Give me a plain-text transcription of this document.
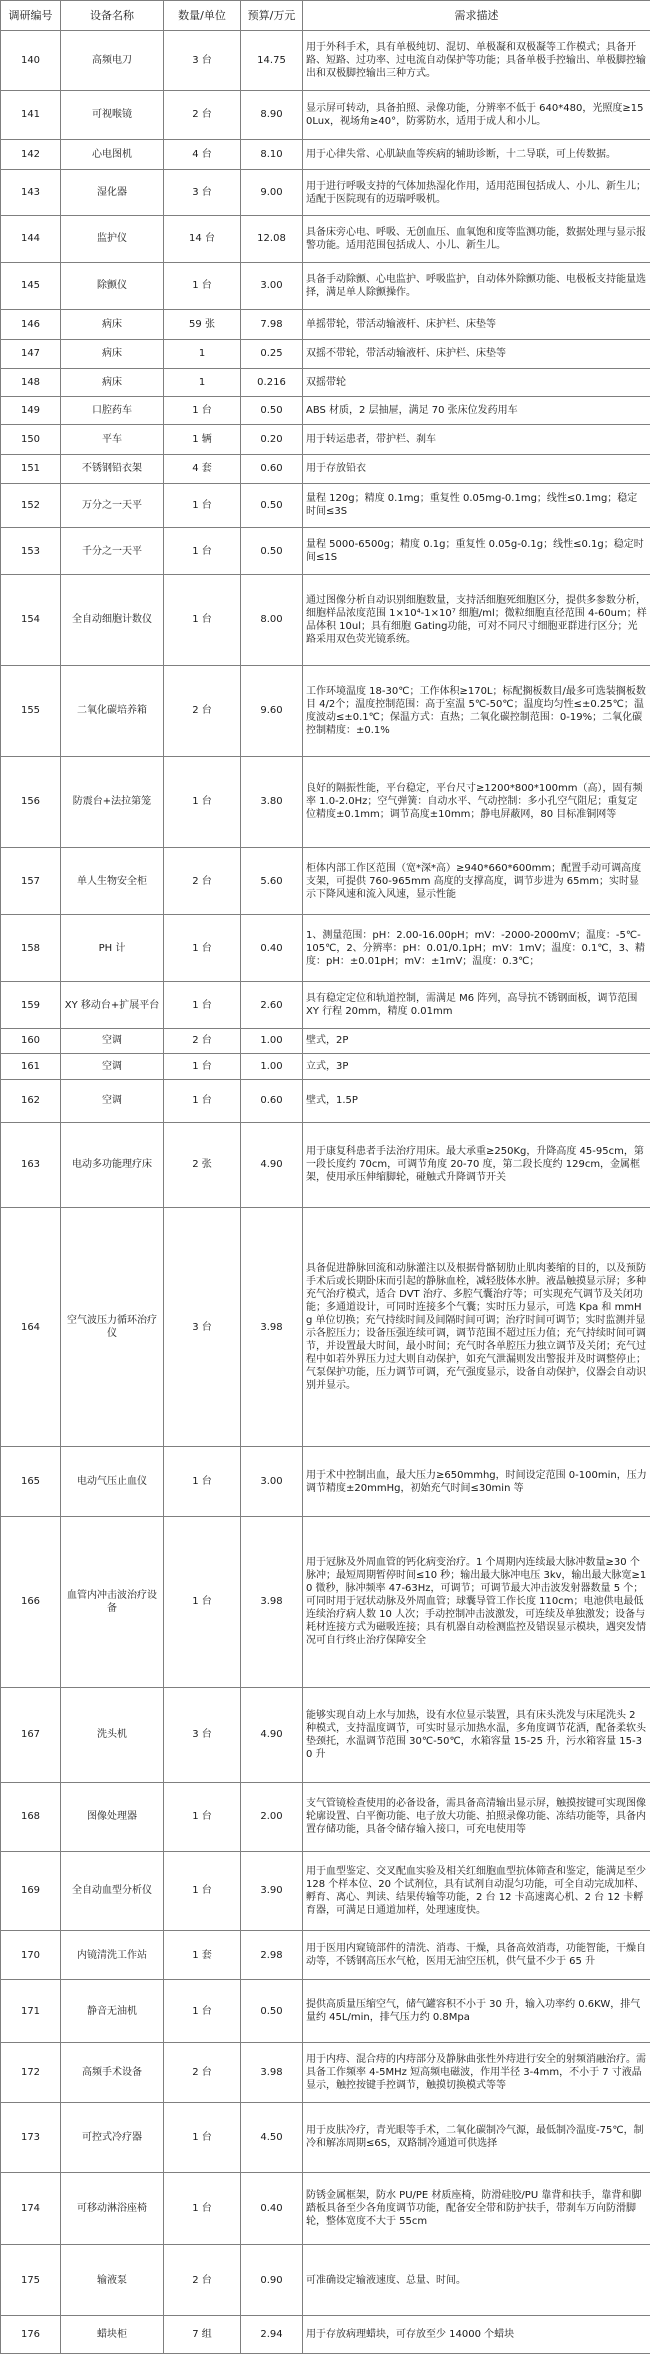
调研编号	设备名称	数量/单位	预算/万元	需求描述
140	高频电刀	3 台	14.75	用于外科手术，具有单极纯切、混切、单极凝和双极凝等工作模式；具备开路、短路、过功率、过电流自动保护等功能；具备单极手控输出、单极脚控输出和双极脚控输出三种方式。
141	可视喉镜	2 台	8.90	显示屏可转动，具备拍照、录像功能，分辨率不低于 640*480，光照度≥150Lux，视场角≥40°，防雾防水，适用于成人和小儿。
142	心电图机	4 台	8.10	用于心律失常、心肌缺血等疾病的辅助诊断，十二导联，可上传数据。
143	湿化器	3 台	9.00	用于进行呼吸支持的气体加热湿化作用，适用范围包括成人、小儿、新生儿；适配于医院现有的迈瑞呼吸机。
144	监护仪	14 台	12.08	具备床旁心电、呼吸、无创血压、血氧饱和度等监测功能，数据处理与显示报警功能。适用范围包括成人、小儿、新生儿。
145	除颤仪	1 台	3.00	具备手动除颤、心电监护、呼吸监护，自动体外除颤功能、电极板支持能量选择，满足单人除颤操作。
146	病床	59 张	7.98	单摇带轮，带活动输液杆、床护栏、床垫等
147	病床	1	0.25	双摇不带轮，带活动输液杆、床护栏、床垫等
148	病床	1	0.216	双摇带轮
149	口腔药车	1 台	0.50	ABS 材质，2 层抽屉，满足 70 张床位发药用车
150	平车	1 辆	0.20	用于转运患者，带护栏、刹车
151	不锈钢铅衣架	4 套	0.60	用于存放铅衣
152	万分之一天平	1 台	0.50	量程 120g；精度 0.1mg；重复性 0.05mg-0.1mg；线性≤0.1mg；稳定时间≤3S
153	千分之一天平	1 台	0.50	量程 5000-6500g；精度 0.1g；重复性 0.05g-0.1g；线性≤0.1g；稳定时间≤1S
154	全自动细胞计数仪	1 台	8.00	通过图像分析自动识别细胞数量，支持活细胞死细胞区分，提供多参数分析，细胞样品浓度范围 1×10⁴-1×10⁷ 细胞/ml；微粒细胞直径范围 4-60um；样品体积 10ul；具有细胞 Gating功能，可对不同尺寸细胞亚群进行区分；光路采用双色荧光镜系统。
155	二氧化碳培养箱	2 台	9.60	工作环境温度 18-30℃；工作体积≥170L；标配搁板数目/最多可选装搁板数目 4/2个；温度控制范围：高于室温 5℃-50℃；温度均匀性≤±0.25℃；温度波动≤±0.1℃；保温方式：直热；二氧化碳控制范围：0-19%；二氧化碳控制精度：±0.1%
156	防震台+法拉第笼	1 台	3.80	良好的隔振性能，平台稳定，平台尺寸≥1200*800*100mm（高），固有频率 1.0-2.0Hz；空气弹簧：自动水平、气动控制：多小孔空气阻尼；重复定位精度±0.1mm；调节高度±10mm；静电屏蔽网，80 目标准铜网等
157	单人生物安全柜	2 台	5.60	柜体内部工作区范围（宽*深*高）≥940*660*600mm；配置手动可调高度支架，可提供 760-965mm 高度的支撑高度，调节步进为 65mm；实时显示下降风速和流入风速，显示性能
158	PH 计	1 台	0.40	1、测量范围：pH：2.00-16.00pH；mV：-2000-2000mV；温度：-5℃-105℃，2、分辨率：pH：0.01/0.1pH；mV：1mV；温度：0.1℃，3、精度：pH：±0.01pH；mV：±1mV；温度：0.3℃；
159	XY 移动台+扩展平台	1 台	2.60	具有稳定定位和轨道控制，需满足 M6 阵列，高导抗不锈钢面板，调节范围 XY 行程 20mm，精度 0.01mm
160	空调	2 台	1.00	壁式，2P
161	空调	1 台	1.00	立式，3P
162	空调	1 台	0.60	壁式，1.5P
163	电动多功能理疗床	2 张	4.90	用于康复科患者手法治疗用床。最大承重≥250Kg，升降高度 45-95cm，第一段长度约 70cm，可调节角度 20-70 度，第二段长度约 129cm，金属框架，使用承压伸缩脚轮，碰触式升降调节开关
164	空气波压力循环治疗仪	3 台	3.98	具备促进静脉回流和动脉灌注以及根据骨骼韧肋止肌肉萎缩的目的，以及预防手术后或长期卧床而引起的静脉血栓，减轻肢体水肿。液晶触摸显示屏；多种充气治疗模式，适合 DVT 治疗、多腔气囊治疗等；可实现充气调节及关闭功能；多通道设计，可同时连接多个气囊；实时压力显示，可选 Kpa 和 mmHg 单位切换；充气持续时间及间隔时间可调；治疗时间可调节；实时监测并显示各腔压力；设备压强连续可调，调节范围不超过压力值；充气持续时间可调节，并设置最大时间，最小时间；充气时各单腔压力独立调节及关闭；充气过程中如若外界压力过大则自动保护，如充气泄漏则发出警报并及时调整停止；气泵保护功能，压力调节可调，充气强度显示，设备自动保护，仪器会自动识别并显示。
165	电动气压止血仪	1 台	3.00	用于术中控制出血，最大压力≥650mmhg，时间设定范围 0-100min，压力调节精度±20mmHg，初始充气时间≤30min 等
166	血管内冲击波治疗设备	1 台	3.98	用于冠脉及外周血管的钙化病变治疗。1 个周期内连续最大脉冲数量≥30 个脉冲；最短周期暂停时间≤10 秒；输出最大脉冲电压 3kv，输出最大脉宽≥10 微秒，脉冲频率 47-63Hz，可调节；可调节最大冲击波发射器数量 5 个；可同时用于冠状动脉及外周血管；球囊导管工作长度 110cm；电池供电最低连续治疗病人数 10 人次；手动控制冲击波激发，可连续及单独激发；设备与耗材连接方式为磁吸连接；具有机器自动检测监控及错误显示模块，遇突发情况可自行终止治疗保障安全
167	洗头机	3 台	4.90	能够实现自动上水与加热，设有水位显示装置，具有床头洗发与床尾洗头 2 种模式，支持温度调节，可实时显示加热水温，多角度调节花洒，配备柔软头垫颈托，水温调节范围 30℃-50℃，水箱容量 15-25 升，污水箱容量 15-30 升
168	图像处理器	1 台	2.00	支气管镜检查使用的必备设备，需具备高清输出显示屏，触摸按键可实现图像轮廓设置、白平衡功能、电子放大功能、拍照录像功能、冻结功能等，具备内置存储功能，具备令储存输入接口，可充电使用等
169	全自动血型分析仪	1 台	3.90	用于血型鉴定、交叉配血实验及相关红细胞血型抗体筛查和鉴定，能满足至少 128 个样本位、20 个试剂位，具有试剂自动混匀功能，可全自动完成加样、孵育、离心、判读、结果传输等功能，2 台 12 卡高速离心机、2 台 12 卡孵育器，可满足日通道加样，处理速度快。
170	内镜清洗工作站	1 套	2.98	用于医用内窥镜部件的清洗、消毒、干燥，具备高效消毒，功能智能，干燥自动等，不锈钢高压水气枪，医用无油空压机，供气量不少于 65 升
171	静音无油机	1 台	0.50	提供高质量压缩空气，储气罐容积不小于 30 升，输入功率约 0.6KW，排气量约 45L/min，排气压力约 0.8Mpa
172	高频手术设备	2 台	3.98	用于内痔、混合痔的内痔部分及静脉曲张性外痔进行安全的射频消融治疗。需具备工作频率 4-5MHz 短高频电磁波，作用半径 3-4mm，不小于 7 寸液晶显示，触控按键手控调节，触摸切换模式等等
173	可控式冷疗器	1 台	4.50	用于皮肤冷疗，青光眼等手术，二氧化碳制冷气源，最低制冷温度-75℃，制冷和解冻周期≤6S，双路制冷通道可供选择
174	可移动淋浴座椅	1 台	0.40	防锈金属框架，防水 PU/PE 材质座椅，防滑硅胶/PU 靠背和扶手，靠背和脚踏板具备至少各角度调节功能，配备安全带和防护扶手，带刹车万向防滑脚轮，整体宽度不大于 55cm
175	输液泵	2 台	0.90	可准确设定输液速度、总量、时间。
176	蜡块柜	7 组	2.94	用于存放病理蜡块，可存放至少 14000 个蜡块
